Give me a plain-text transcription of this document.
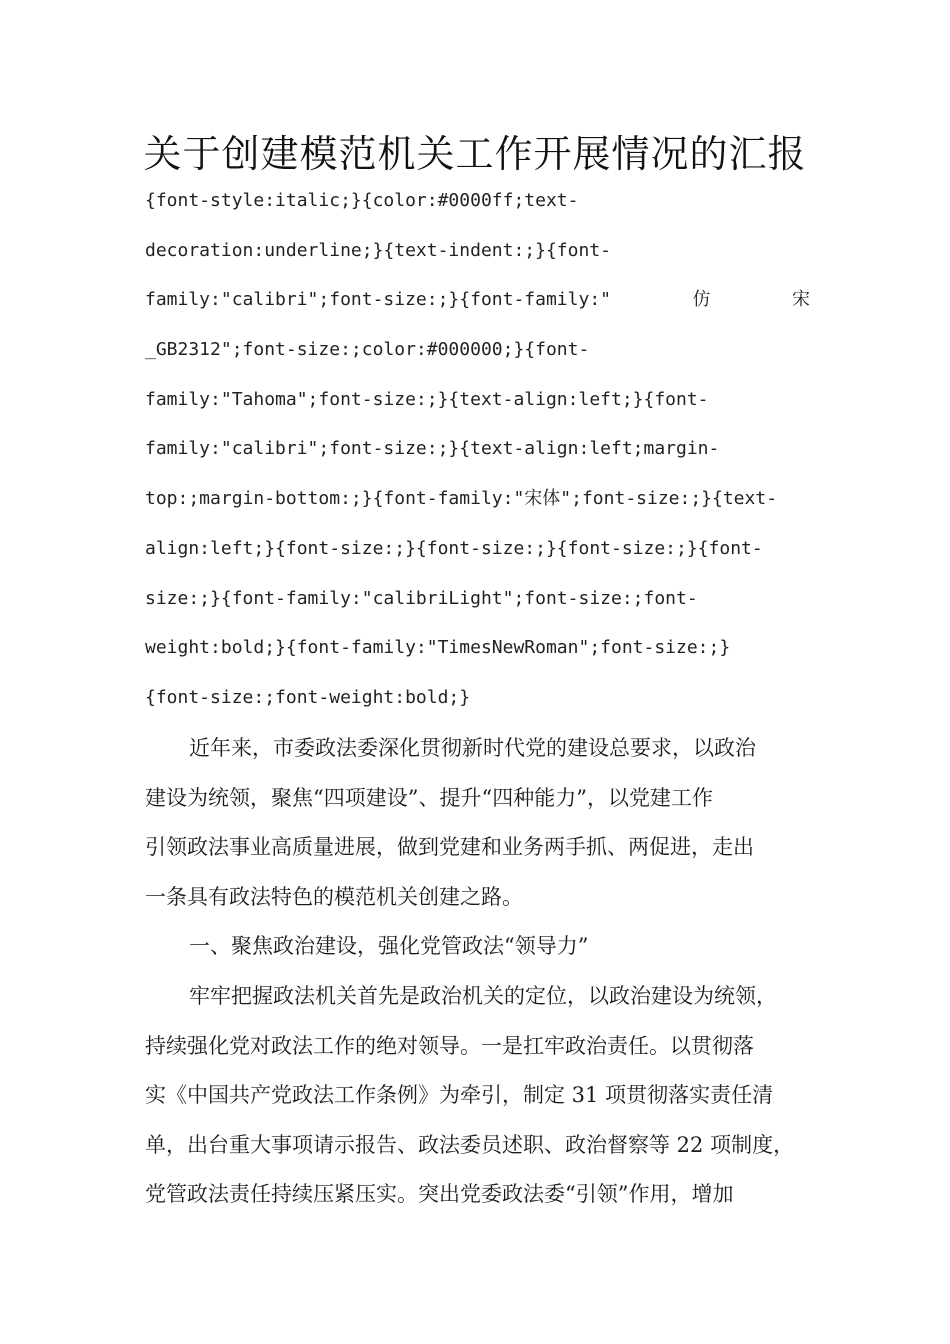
关于创建模范机关工作开展情况的汇报
{font-style:italic;}{color:#0000ff;text-
decoration:underline;}{text-indent:;}{font-
family:"calibri";font-size:;}{font-family:"	仿	宋
_GB2312";font-size:;color:#000000;}{font-
family:"Tahoma";font-size:;}{text-align:left;}{font-
family:"calibri";font-size:;}{text-align:left;margin-
top:;margin-bottom:;}{font-family:"宋体";font-size:;}{text-
align:left;}{font-size:;}{font-size:;}{font-size:;}{font-
size:;}{font-family:"calibriLight";font-size:;font-
weight:bold;}{font-family:"TimesNewRoman";font-size:;}
{font-size:;font-weight:bold;}
近年来，市委政法委深化贯彻新时代党的建设总要求，以政治
建设为统领，聚焦“四项建设”、提升“四种能力”，以党建工作
引领政法事业高质量进展，做到党建和业务两手抓、两促进，走出
一条具有政法特色的模范机关创建之路。
一、聚焦政治建设，强化党管政法“领导力”
牢牢把握政法机关首先是政治机关的定位，以政治建设为统领，
持续强化党对政法工作的绝对领导。一是扛牢政治责任。以贯彻落
实《中国共产党政法工作条例》为牵引，制定 31 项贯彻落实责任清
单，出台重大事项请示报告、政法委员述职、政治督察等 22 项制度，
党管政法责任持续压紧压实。突出党委政法委“引领”作用，增加
